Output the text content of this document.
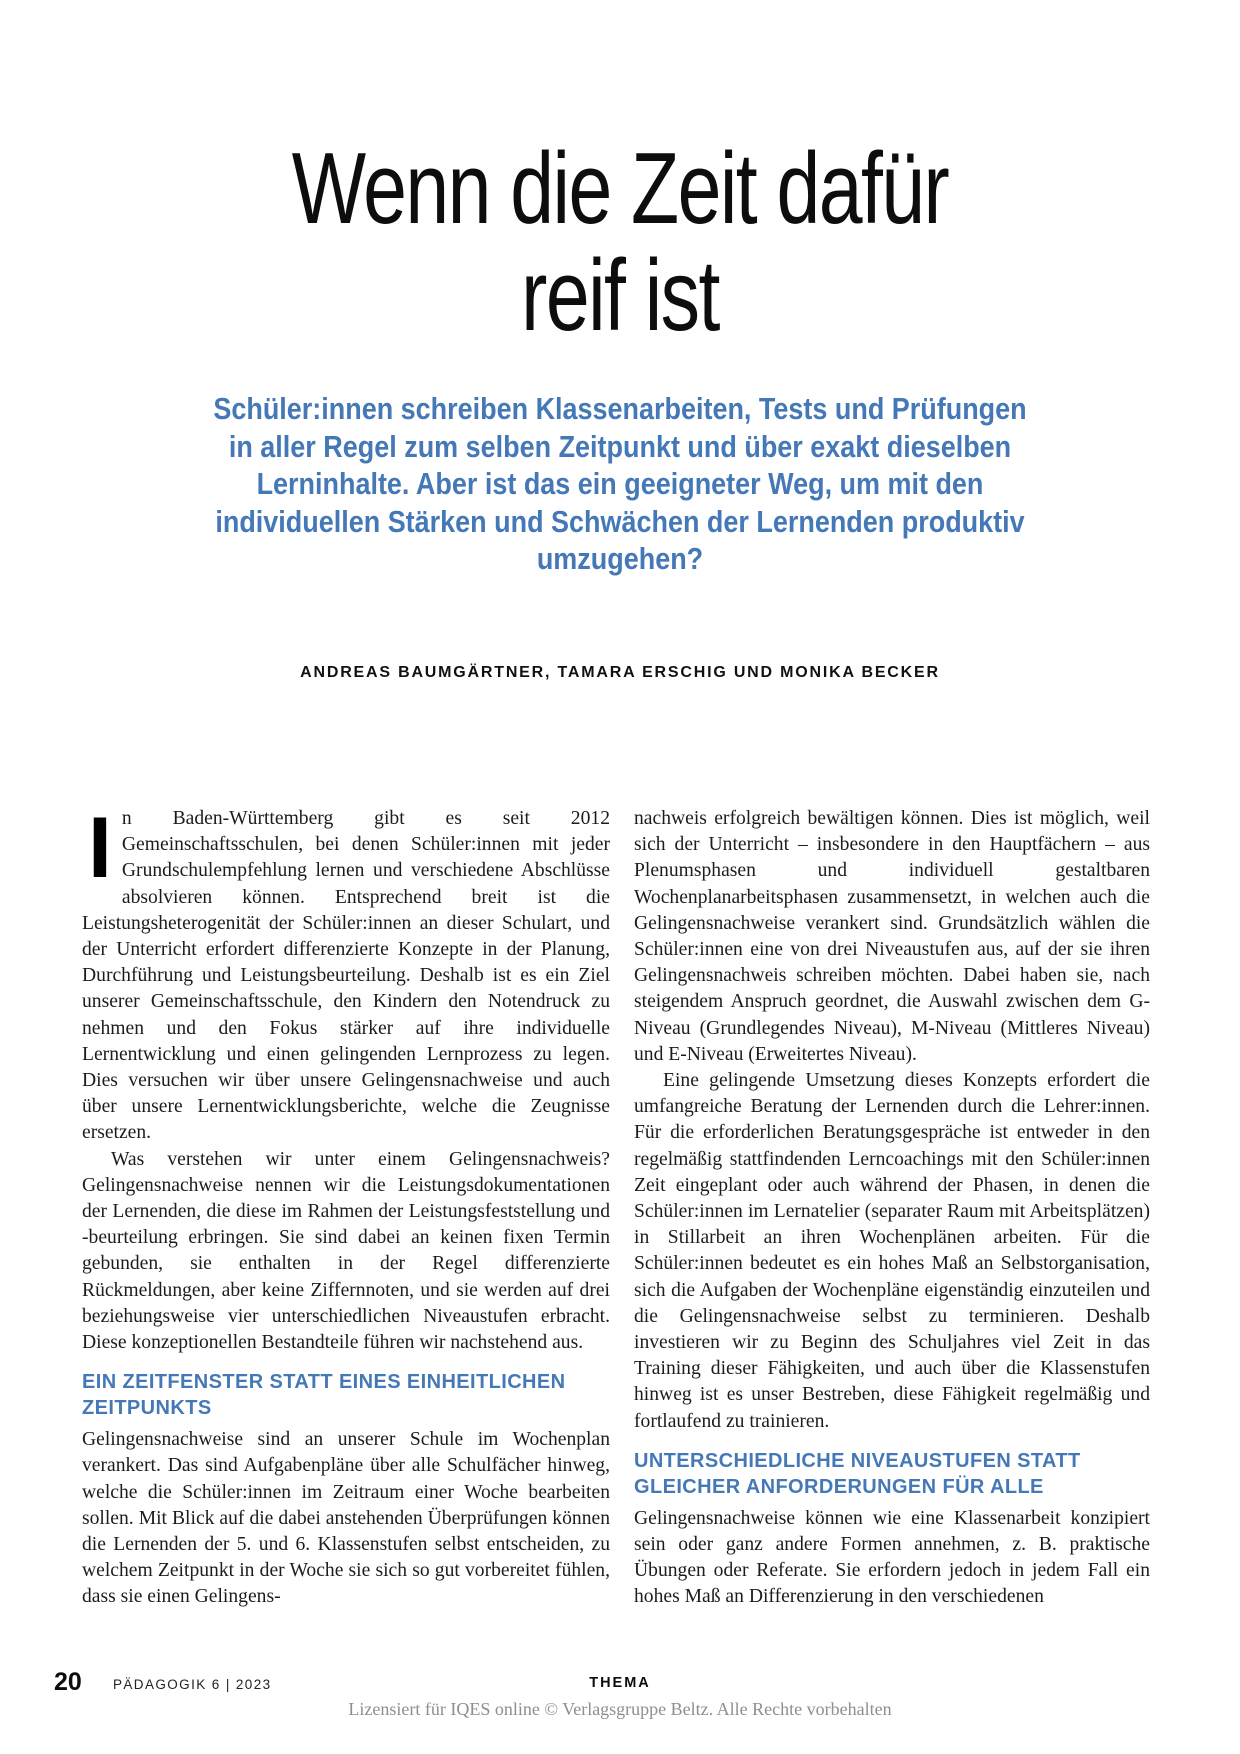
Wenn die Zeit dafür
reif ist
Schüler:innen schreiben Klassenarbeiten, Tests und Prüfungen
in aller Regel zum selben Zeitpunkt und über exakt dieselben
Lerninhalte. Aber ist das ein geeigneter Weg, um mit den
individuellen Stärken und Schwächen der Lernenden produktiv
umzugehen?
ANDREAS BAUMGÄRTNER, TAMARA ERSCHIG UND MONIKA BECKER

In Baden-Württemberg gibt es seit 2012 Gemeinschaftsschulen, bei denen Schüler:innen mit jeder Grundschulempfehlung lernen und verschiedene Abschlüsse absolvieren können. Entsprechend breit ist die Leistungsheterogenität der Schüler:innen an dieser Schulart, und der Unterricht erfordert differenzierte Konzepte in der Planung, Durchführung und Leistungsbeurteilung. Deshalb ist es ein Ziel unserer Gemeinschaftsschule, den Kindern den Notendruck zu nehmen und den Fokus stärker auf ihre individuelle Lernentwicklung und einen gelingenden Lernprozess zu legen. Dies versuchen wir über unsere Gelingensnachweise und auch über unsere Lernentwicklungsberichte, welche die Zeugnisse ersetzen.

Was verstehen wir unter einem Gelingensnachweis? Gelingensnachweise nennen wir die Leistungsdokumentationen der Lernenden, die diese im Rahmen der Leistungsfeststellung und -beurteilung erbringen. Sie sind dabei an keinen fixen Termin gebunden, sie enthalten in der Regel differenzierte Rückmeldungen, aber keine Ziffernnoten, und sie werden auf drei beziehungsweise vier unterschiedlichen Niveaustufen erbracht. Diese konzeptionellen Bestandteile führen wir nachstehend aus.

EIN ZEITFENSTER STATT EINES EINHEITLICHEN ZEITPUNKTS

Gelingensnachweise sind an unserer Schule im Wochenplan verankert. Das sind Aufgabenpläne über alle Schulfächer hinweg, welche die Schüler:innen im Zeitraum einer Woche bearbeiten sollen. Mit Blick auf die dabei anstehenden Überprüfungen können die Lernenden der 5. und 6. Klassenstufen selbst entscheiden, zu welchem Zeitpunkt in der Woche sie sich so gut vorbereitet fühlen, dass sie einen Gelingens-

nachweis erfolgreich bewältigen können. Dies ist möglich, weil sich der Unterricht – insbesondere in den Hauptfächern – aus Plenumsphasen und individuell gestaltbaren Wochenplanarbeitsphasen zusammensetzt, in welchen auch die Gelingensnachweise verankert sind. Grundsätzlich wählen die Schüler:innen eine von drei Niveaustufen aus, auf der sie ihren Gelingensnachweis schreiben möchten. Dabei haben sie, nach steigendem Anspruch geordnet, die Auswahl zwischen dem G-Niveau (Grundlegendes Niveau), M-Niveau (Mittleres Niveau) und E-Niveau (Erweitertes Niveau).

Eine gelingende Umsetzung dieses Konzepts erfordert die umfangreiche Beratung der Lernenden durch die Lehrer:innen. Für die erforderlichen Beratungsgespräche ist entweder in den regelmäßig stattfindenden Lerncoachings mit den Schüler:innen Zeit eingeplant oder auch während der Phasen, in denen die Schüler:innen im Lernatelier (separater Raum mit Arbeitsplätzen) in Stillarbeit an ihren Wochenplänen arbeiten. Für die Schüler:innen bedeutet es ein hohes Maß an Selbstorganisation, sich die Aufgaben der Wochenpläne eigenständig einzuteilen und die Gelingensnachweise selbst zu terminieren. Deshalb investieren wir zu Beginn des Schuljahres viel Zeit in das Training dieser Fähigkeiten, und auch über die Klassenstufen hinweg ist es unser Bestreben, diese Fähigkeit regelmäßig und fortlaufend zu trainieren.

UNTERSCHIEDLICHE NIVEAUSTUFEN STATT GLEICHER ANFORDERUNGEN FÜR ALLE

Gelingensnachweise können wie eine Klassenarbeit konzipiert sein oder ganz andere Formen annehmen, z. B. praktische Übungen oder Referate. Sie erfordern jedoch in jedem Fall ein hohes Maß an Differenzierung in den verschiedenen

20 PÄDAGOGIK 6 | 2023	THEMA
Lizensiert für IQES online © Verlagsgruppe Beltz. Alle Rechte vorbehalten
